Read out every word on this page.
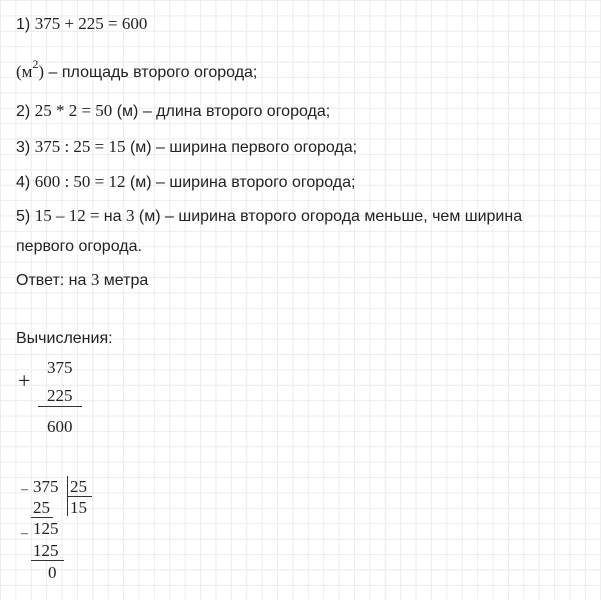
1) 375 + 225 = 600
$(м^2)$ – площадь второго огорода;
2) 25 * 2 = 50 (м) – длина второго огорода;
3) 375 : 25 = 15 (м) – ширина первого огорода;
4) 600 : 50 = 12 (м) – ширина второго огорода;
5) 15 – 12 = на 3 (м) – ширина второго огорода меньше, чем ширина
первого огорода.
Ответ: на 3 метра
Вычисления:
+
375
225
600
– 375 25
25 15
– 125
125
0
